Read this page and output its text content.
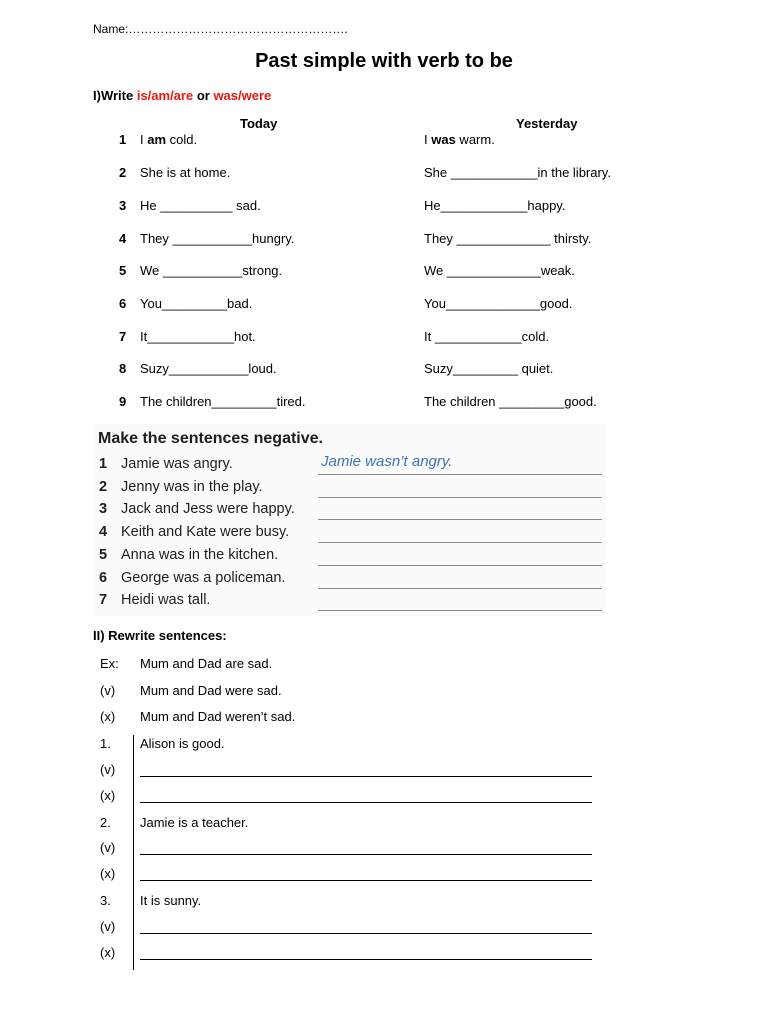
Name:……………………………………………….
Past simple with verb to be
I)Write is/am/are or was/were
Today	Yesterday
1 I am cold.	I was warm.
2 She is at home.	She ____________in the library.
3 He __________ sad.	He____________happy.
4 They ___________hungry.	They _____________ thirsty.
5 We ___________strong.	We _____________weak.
6 You_________bad.	You_____________good.
7 It____________hot.	It ____________cold.
8 Suzy___________loud.	Suzy_________ quiet.
9 The children_________tired.	The children _________good.
Make the sentences negative.
1 Jamie was angry.	Jamie wasn’t angry.
2 Jenny was in the play.
3 Jack and Jess were happy.
4 Keith and Kate were busy.
5 Anna was in the kitchen.
6 George was a policeman.
7 Heidi was tall.
II) Rewrite sentences:
Ex: Mum and Dad are sad.
(v) Mum and Dad were sad.
(x) Mum and Dad weren’t sad.
1. Alison is good.
(v)
(x)
2. Jamie is a teacher.
(v)
(x)
3. It is sunny.
(v)
(x)
